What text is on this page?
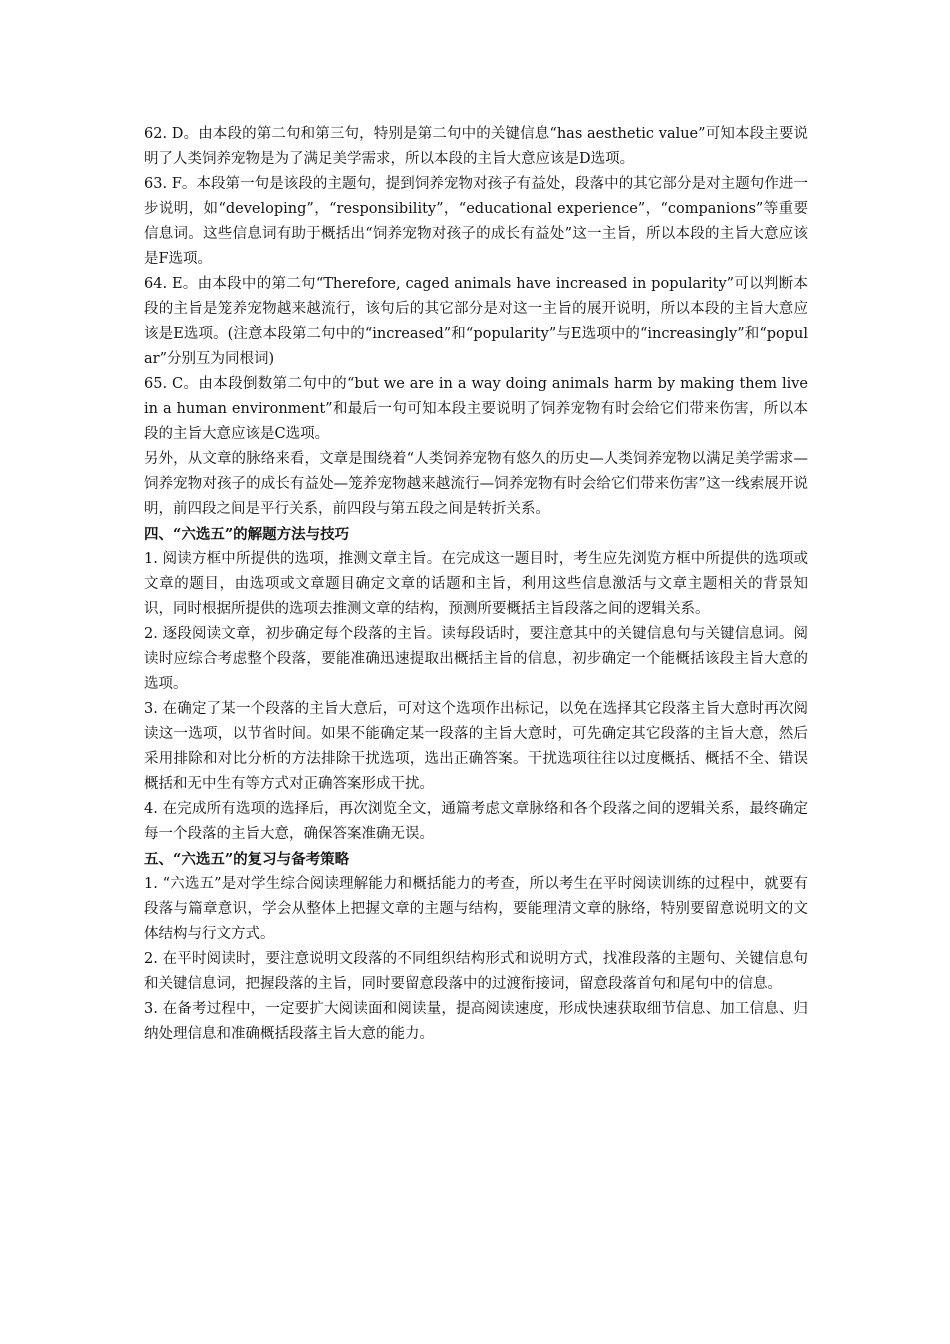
62. D。由本段的第二句和第三句，特别是第二句中的关键信息“has aesthetic value”可知本段主要说明了人类饲养宠物是为了满足美学需求，所以本段的主旨大意应该是D选项。

63. F。本段第一句是该段的主题句，提到饲养宠物对孩子有益处，段落中的其它部分是对主题句作进一步说明，如“developing”，“responsibility”，“educational experience”，“companions”等重要信息词。这些信息词有助于概括出“饲养宠物对孩子的成长有益处”这一主旨，所以本段的主旨大意应该是F选项。

64. E。由本段中的第二句“Therefore, caged animals have increased in popularity”可以判断本段的主旨是笼养宠物越来越流行，该句后的其它部分是对这一主旨的展开说明，所以本段的主旨大意应该是E选项。(注意本段第二句中的“increased”和“popularity”与E选项中的“increasingly”和“popular”分别互为同根词)

65. C。由本段倒数第二句中的“but we are in a way doing animals harm by making them live in a human environment”和最后一句可知本段主要说明了饲养宠物有时会给它们带来伤害，所以本段的主旨大意应该是C选项。

另外，从文章的脉络来看，文章是围绕着“人类饲养宠物有悠久的历史—人类饲养宠物以满足美学需求—饲养宠物对孩子的成长有益处—笼养宠物越来越流行—饲养宠物有时会给它们带来伤害”这一线索展开说明，前四段之间是平行关系，前四段与第五段之间是转折关系。

四、“六选五”的解题方法与技巧

1. 阅读方框中所提供的选项，推测文章主旨。在完成这一题目时，考生应先浏览方框中所提供的选项或文章的题目，由选项或文章题目确定文章的话题和主旨，利用这些信息激活与文章主题相关的背景知识，同时根据所提供的选项去推测文章的结构，预测所要概括主旨段落之间的逻辑关系。

2. 逐段阅读文章，初步确定每个段落的主旨。读每段话时，要注意其中的关键信息句与关键信息词。阅读时应综合考虑整个段落，要能准确迅速提取出概括主旨的信息，初步确定一个能概括该段主旨大意的选项。

3. 在确定了某一个段落的主旨大意后，可对这个选项作出标记，以免在选择其它段落主旨大意时再次阅读这一选项，以节省时间。如果不能确定某一段落的主旨大意时，可先确定其它段落的主旨大意，然后采用排除和对比分析的方法排除干扰选项，选出正确答案。干扰选项往往以过度概括、概括不全、错误概括和无中生有等方式对正确答案形成干扰。

4. 在完成所有选项的选择后，再次浏览全文，通篇考虑文章脉络和各个段落之间的逻辑关系，最终确定每一个段落的主旨大意，确保答案准确无误。

五、“六选五”的复习与备考策略

1. “六选五”是对学生综合阅读理解能力和概括能力的考查，所以考生在平时阅读训练的过程中，就要有段落与篇章意识，学会从整体上把握文章的主题与结构，要能理清文章的脉络，特别要留意说明文的文体结构与行文方式。

2. 在平时阅读时，要注意说明文段落的不同组织结构形式和说明方式，找准段落的主题句、关键信息句和关键信息词，把握段落的主旨，同时要留意段落中的过渡衔接词，留意段落首句和尾句中的信息。

3. 在备考过程中，一定要扩大阅读面和阅读量，提高阅读速度，形成快速获取细节信息、加工信息、归纳处理信息和准确概括段落主旨大意的能力。
